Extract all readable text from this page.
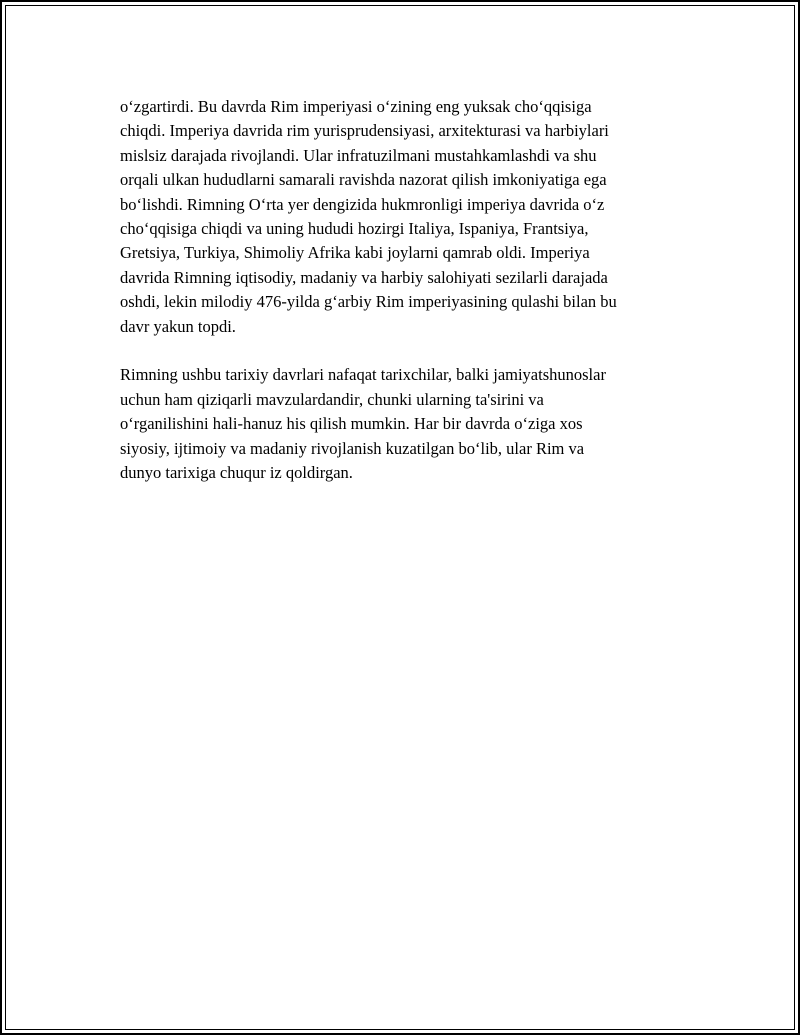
o‘zgartirdi. Bu davrda Rim imperiyasi o‘zining eng yuksak cho‘qqisiga
chiqdi. Imperiya davrida rim yurisprudensiyasi, arxitekturasi va harbiylari
mislsiz darajada rivojlandi. Ular infratuzilmani mustahkamlashdi va shu
orqali ulkan hududlarni samarali ravishda nazorat qilish imkoniyatiga ega
bo‘lishdi. Rimning O‘rta yer dengizida hukmronligi imperiya davrida o‘z
cho‘qqisiga chiqdi va uning hududi hozirgi Italiya, Ispaniya, Frantsiya,
Gretsiya, Turkiya, Shimoliy Afrika kabi joylarni qamrab oldi. Imperiya
davrida Rimning iqtisodiy, madaniy va harbiy salohiyati sezilarli darajada
oshdi, lekin milodiy 476-yilda g‘arbiy Rim imperiyasining qulashi bilan bu
davr yakun topdi.

Rimning ushbu tarixiy davrlari nafaqat tarixchilar, balki jamiyatshunoslar
uchun ham qiziqarli mavzulardandir, chunki ularning ta'sirini va
o‘rganilishini hali-hanuz his qilish mumkin. Har bir davrda o‘ziga xos
siyosiy, ijtimoiy va madaniy rivojlanish kuzatilgan bo‘lib, ular Rim va
dunyo tarixiga chuqur iz qoldirgan.
